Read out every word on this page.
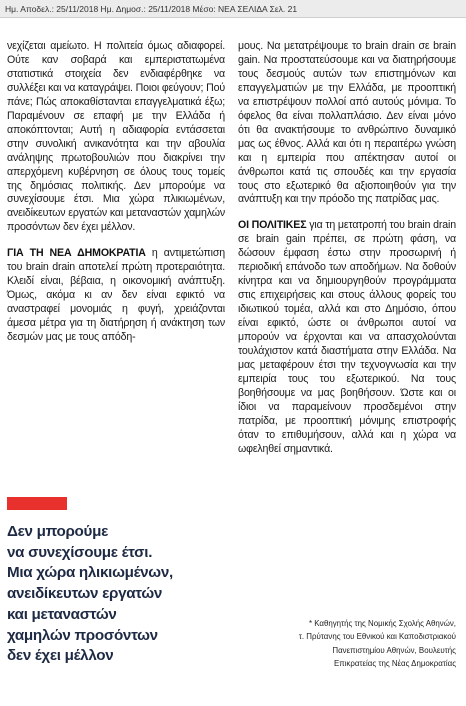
Ημ. Αποδελ.: 25/11/2018 Ημ. Δημοσ.: 25/11/2018 Μέσο: ΝΕΑ ΣΕΛΙΔΑ Σελ. 21

νεχίζεται αμείωτο. Η πολιτεία όμως αδιαφορεί. Ούτε καν σοβαρά και εμπεριστατωμένα στατιστικά στοιχεία δεν ενδιαφέρθηκε να συλλέξει και να καταγράψει. Ποιοι φεύγουν; Πού πάνε; Πώς αποκαθίστανται επαγγελματικά έξω; Παραμένουν σε επαφή με την Ελλάδα ή αποκόπτονται; Αυτή η αδιαφορία εντάσσεται στην συνολική ανικανότητα και την αβουλία ανάληψης πρωτοβουλιών που διακρίνει την απερχόμενη κυβέρνηση σε όλους τους τομείς της δημόσιας πολιτικής. Δεν μπορούμε να συνεχίσουμε έτσι. Μια χώρα πλικιωμένων, ανειδίκευτων εργατών και μεταναστών χαμηλών προσόντων δεν έχει μέλλον.

ΓΙΑ ΤΗ ΝΕΑ ΔΗΜΟΚΡΑΤΙΑ η αντιμετώπιση του brain drain αποτελεί πρώτη προτεραιότητα. Κλειδί είναι, βέβαια, η οικονομική ανάπτυξη. Όμως, ακόμα κι αν δεν είναι εφικτό να αναστραφεί μονομιάς η φυγή, χρειάζονται άμεσα μέτρα για τη διατήρηση ή ανάκτηση των δεσμών μας με τους απόδη-

Δεν μπορούμε
να συνεχίσουμε έτσι.
Μια χώρα ηλικιωμένων,
ανειδίκευτων εργατών
και μεταναστών
χαμηλών προσόντων
δεν έχει μέλλον

μους. Να μετατρέψουμε το brain drain σε brain gain. Να προστατεύσουμε και να διατηρήσουμε τους δεσμούς αυτών των επιστημόνων και επαγγελματιών με την Ελλάδα, με προοπτική να επιστρέψουν πολλοί από αυτούς μόνιμα. Το όφελος θα είναι πολλαπλάσιο. Δεν είναι μόνο ότι θα ανακτήσουμε το ανθρώπινο δυναμικό μας ως έθνος. Αλλά και ότι η περαιτέρω γνώση και η εμπειρία που απέκτησαν αυτοί οι άνθρωποι κατά τις σπουδές και την εργασία τους στο εξωτερικό θα αξιοποιηθούν για την ανάπτυξη και την πρόοδο της πατρίδας μας.

ΟΙ ΠΟΛΙΤΙΚΕΣ για τη μετατροπή του brain drain σε brain gain πρέπει, σε πρώτη φάση, να δώσουν έμφαση έστω στην προσωρινή ή περιοδική επάνοδο των αποδήμων. Να δοθούν κίνητρα και να δημιουργηθούν προγράμματα στις επιχειρήσεις και στους άλλους φορείς του ιδιωτικού τομέα, αλλά και στο Δημόσιο, όπου είναι εφικτό, ώστε οι άνθρωποι αυτοί να μπορούν να έρχονται και να απασχολούνται τουλάχιστον κατά διαστήματα στην Ελλάδα. Να μας μεταφέρουν έτσι την τεχνογνωσία και την εμπειρία τους του εξωτερικού. Να τους βοηθήσουμε να μας βοηθήσουν. Ώστε και οι ίδιοι να παραμείνουν προσδεμένοι στην πατρίδα, με προοπτική μόνιμης επιστροφής όταν το επιθυμήσουν, αλλά και η χώρα να ωφεληθεί σημαντικά.

* Καθηγητής της Νομικής Σχολής Αθηνών,
τ. Πρύτανης του Εθνικού και Καποδιστριακού
Πανεπιστημίου Αθηνών, Βουλευτής
Επικρατείας της Νέας Δημοκρατίας
